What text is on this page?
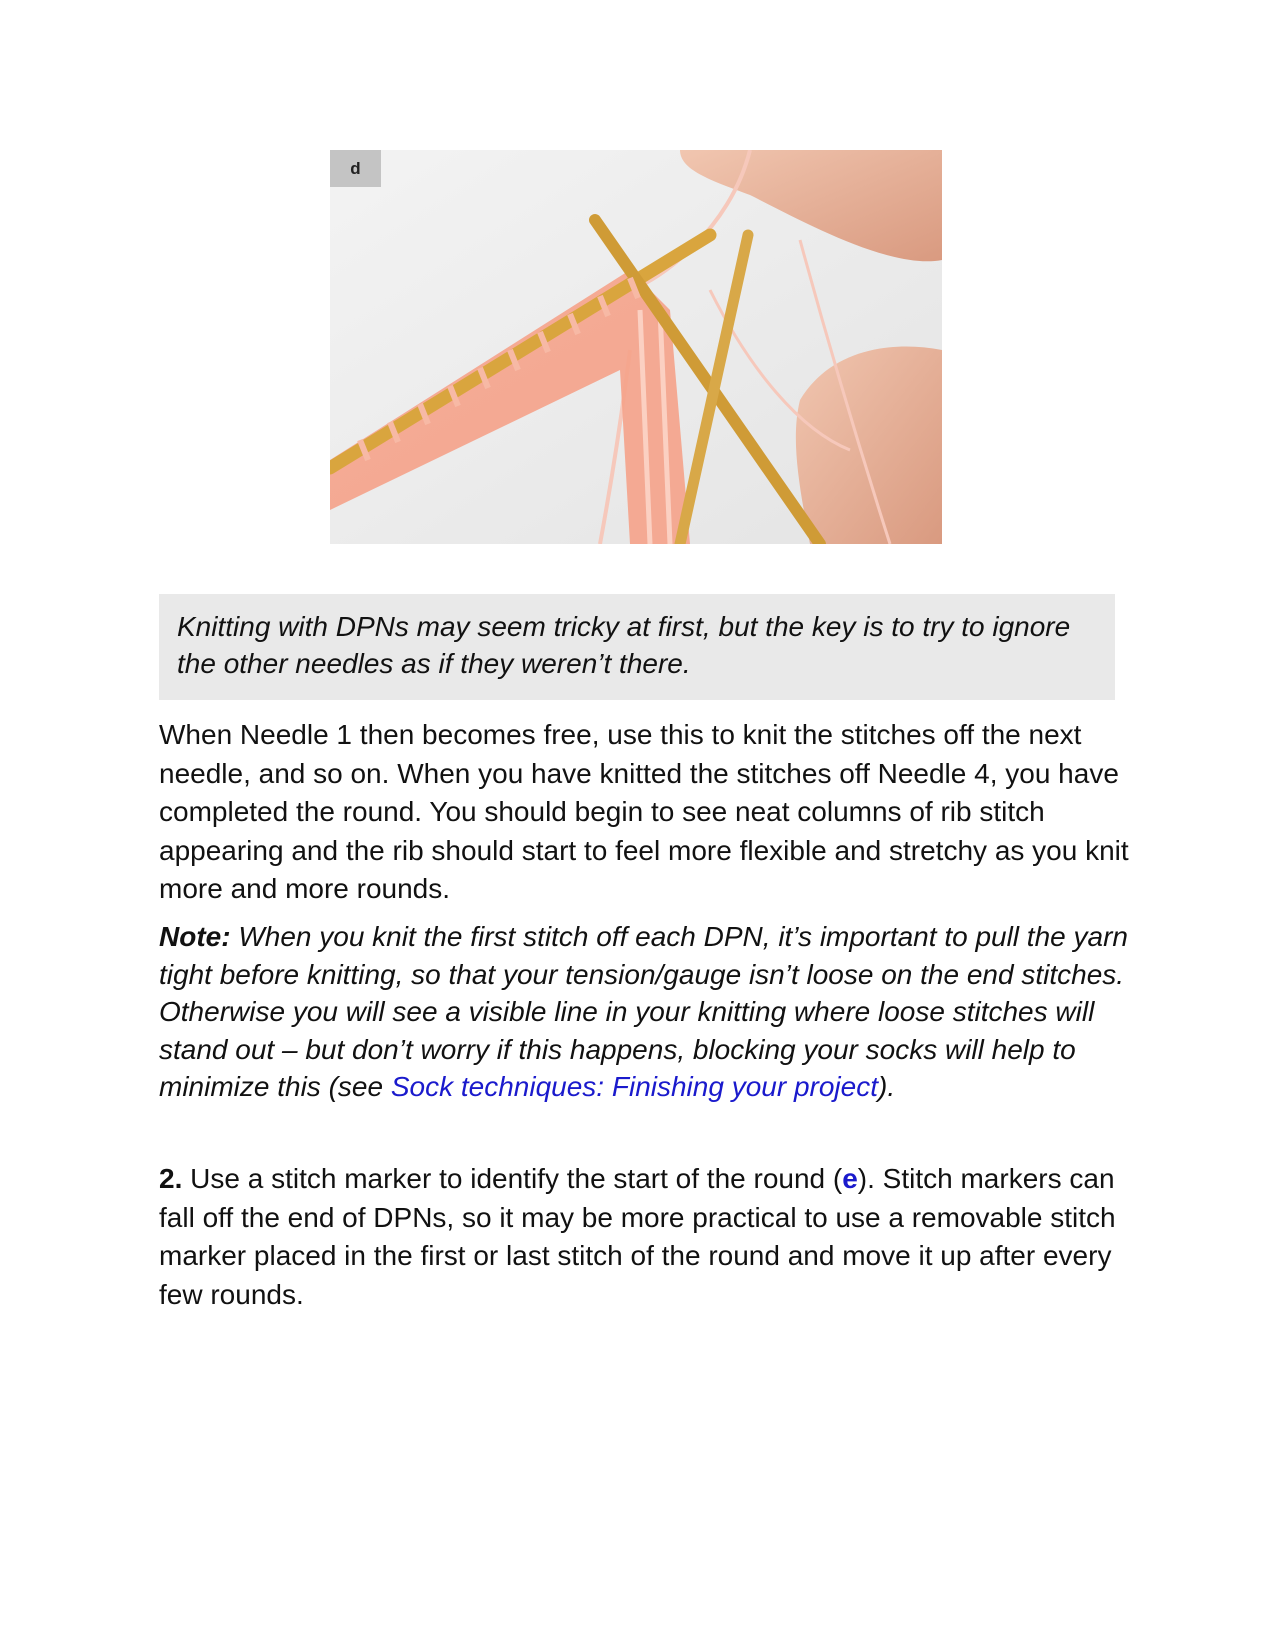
d
Knitting with DPNs may seem tricky at first, but the key is to try to ignore the other needles as if they weren’t there.

When Needle 1 then becomes free, use this to knit the stitches off the next needle, and so on. When you have knitted the stitches off Needle 4, you have completed the round. You should begin to see neat columns of rib stitch appearing and the rib should start to feel more flexible and stretchy as you knit more and more rounds.

Note: When you knit the first stitch off each DPN, it’s important to pull the yarn tight before knitting, so that your tension/gauge isn’t loose on the end stitches. Otherwise you will see a visible line in your knitting where loose stitches will stand out – but don’t worry if this happens, blocking your socks will help to minimize this (see Sock techniques: Finishing your project).

2. Use a stitch marker to identify the start of the round (e). Stitch markers can fall off the end of DPNs, so it may be more practical to use a removable stitch marker placed in the first or last stitch of the round and move it up after every few rounds.
